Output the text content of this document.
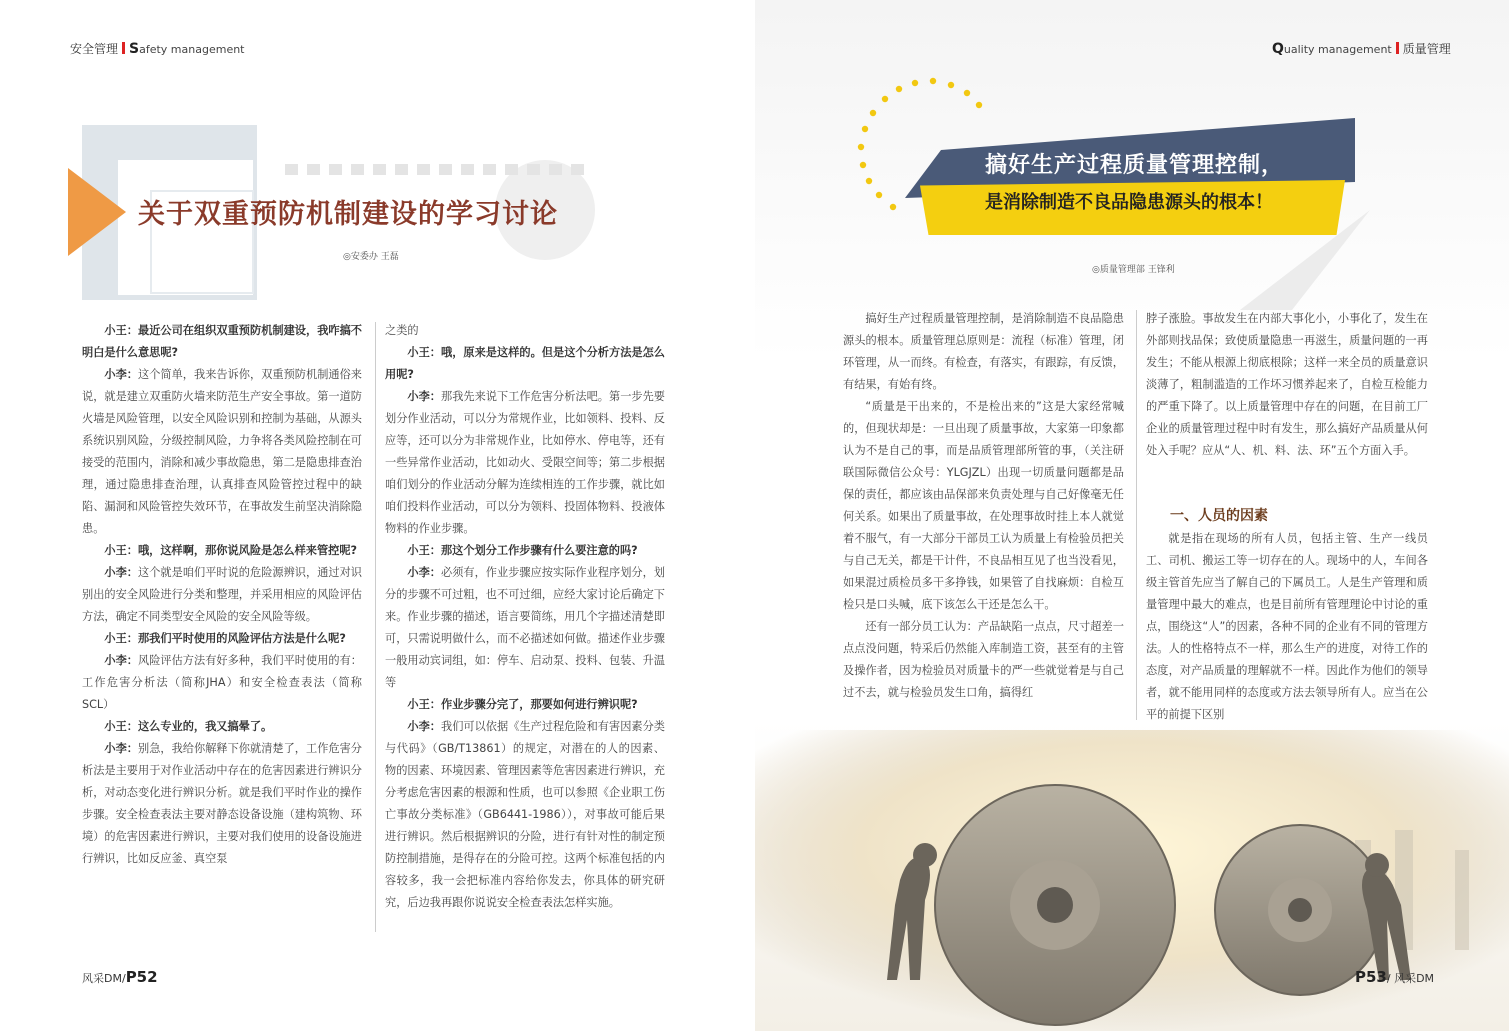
安全管理 Safety management
关于双重预防机制建设的学习讨论
◎安委办 王磊

小王：最近公司在组织双重预防机制建设，我咋搞不明白是什么意思呢?

小李：这个简单，我来告诉你，双重预防机制通俗来说，就是建立双重防火墙来防范生产安全事故。第一道防火墙是风险管理，以安全风险识别和控制为基础，从源头系统识别风险，分级控制风险，力争将各类风险控制在可接受的范围内，消除和减少事故隐患，第二是隐患排查治理，通过隐患排查治理，认真排查风险管控过程中的缺陷、漏洞和风险管控失效环节，在事故发生前坚决消除隐患。

小王：哦，这样啊，那你说风险是怎么样来管控呢?

小李：这个就是咱们平时说的危险源辨识，通过对识别出的安全风险进行分类和整理，并采用相应的风险评估方法，确定不同类型安全风险的安全风险等级。

小王：那我们平时使用的风险评估方法是什么呢?

小李：风险评估方法有好多种，我们平时使用的有：工作危害分析法（简称JHA）和安全检查表法（简称SCL）

小王：这么专业的，我又搞晕了。

小李：别急，我给你解释下你就清楚了，工作危害分析法是主要用于对作业活动中存在的危害因素进行辨识分析，对动态变化进行辨识分析。就是我们平时作业的操作步骤。安全检查表法主要对静态设备设施（建构筑物、环境）的危害因素进行辨识，主要对我们使用的设备设施进行辨识，比如反应釜、真空泵

之类的

小王：哦，原来是这样的。但是这个分析方法是怎么用呢?

小李：那我先来说下工作危害分析法吧。第一步先要划分作业活动，可以分为常规作业，比如领料、投料、反应等，还可以分为非常规作业，比如停水、停电等，还有一些异常作业活动，比如动火、受限空间等；第二步根据咱们划分的作业活动分解为连续相连的工作步骤，就比如咱们投料作业活动，可以分为领料、投固体物料、投液体物料的作业步骤。

小王：那这个划分工作步骤有什么要注意的吗?

小李：必须有，作业步骤应按实际作业程序划分，划分的步骤不可过粗，也不可过细，应经大家讨论后确定下来。作业步骤的描述，语言要简练，用几个字描述清楚即可，只需说明做什么，而不必描述如何做。描述作业步骤一般用动宾词组，如：停车、启动泵、投料、包装、升温等

小王：作业步骤分完了，那要如何进行辨识呢?

小李：我们可以依据《生产过程危险和有害因素分类与代码》（GB/T13861）的规定，对潜在的人的因素、物的因素、环境因素、管理因素等危害因素进行辨识，充分考虑危害因素的根源和性质，也可以参照《企业职工伤亡事故分类标准》（GB6441-1986）），对事故可能后果进行辨识。然后根据辨识的分险，进行有针对性的制定预防控制措施，是得存在的分险可控。这两个标准包括的内容较多，我一会把标准内容给你发去，你具体的研究研究，后边我再跟你说说安全检查表法怎样实施。

风采DM/P52
Quality management 质量管理
搞好生产过程质量管理控制，
是消除制造不良品隐患源头的根本！
◎质量管理部 王锋利

搞好生产过程质量管理控制，是消除制造不良品隐患源头的根本。质量管理总原则是：流程（标准）管理，闭环管理，从一而终。有检查，有落实，有跟踪，有反馈，有结果，有始有终。

“质量是干出来的，不是检出来的”这是大家经常喊的，但现状却是：一旦出现了质量事故，大家第一印象都认为不是自己的事，而是品质管理部所管的事，（关注研联国际微信公众号：YLGJZL）出现一切质量问题都是品保的责任，都应该由品保部来负责处理与自己好像毫无任何关系。如果出了质量事故，在处理事故时挂上本人就觉着不服气，有一大部分干部员工认为质量上有检验员把关与自己无关，都是干计件，不良品相互见了也当没看见，如果混过质检员多干多挣钱，如果管了自找麻烦：自检互检只是口头喊，底下该怎么干还是怎么干。

还有一部分员工认为：产品缺陷一点点，尺寸超差一点点没问题，特采后仍然能入库制造工资，甚至有的主管及操作者，因为检验员对质量卡的严一些就觉着是与自己过不去，就与检验员发生口角，搞得红

脖子涨脸。事故发生在内部大事化小，小事化了，发生在外部则找品保；致使质量隐患一再滋生，质量问题的一再发生；不能从根源上彻底根除；这样一来全员的质量意识淡薄了，粗制滥造的工作坏习惯养起来了，自检互检能力的严重下降了。以上质量管理中存在的问题，在目前工厂企业的质量管理过程中时有发生，那么搞好产品质量从何处入手呢？应从“人、机、料、法、环”五个方面入手。

一、人员的因素

就是指在现场的所有人员，包括主管、生产一线员工、司机、搬运工等一切存在的人。现场中的人，车间各级主管首先应当了解自己的下属员工。人是生产管理和质量管理中最大的难点，也是目前所有管理理论中讨论的重点，围绕这“人”的因素，各种不同的企业有不同的管理方法。人的性格特点不一样，那么生产的进度，对待工作的态度，对产品质量的理解就不一样。因此作为他们的领导者，就不能用同样的态度或方法去领导所有人。应当在公平的前提下区别

P53/ 风采DM
